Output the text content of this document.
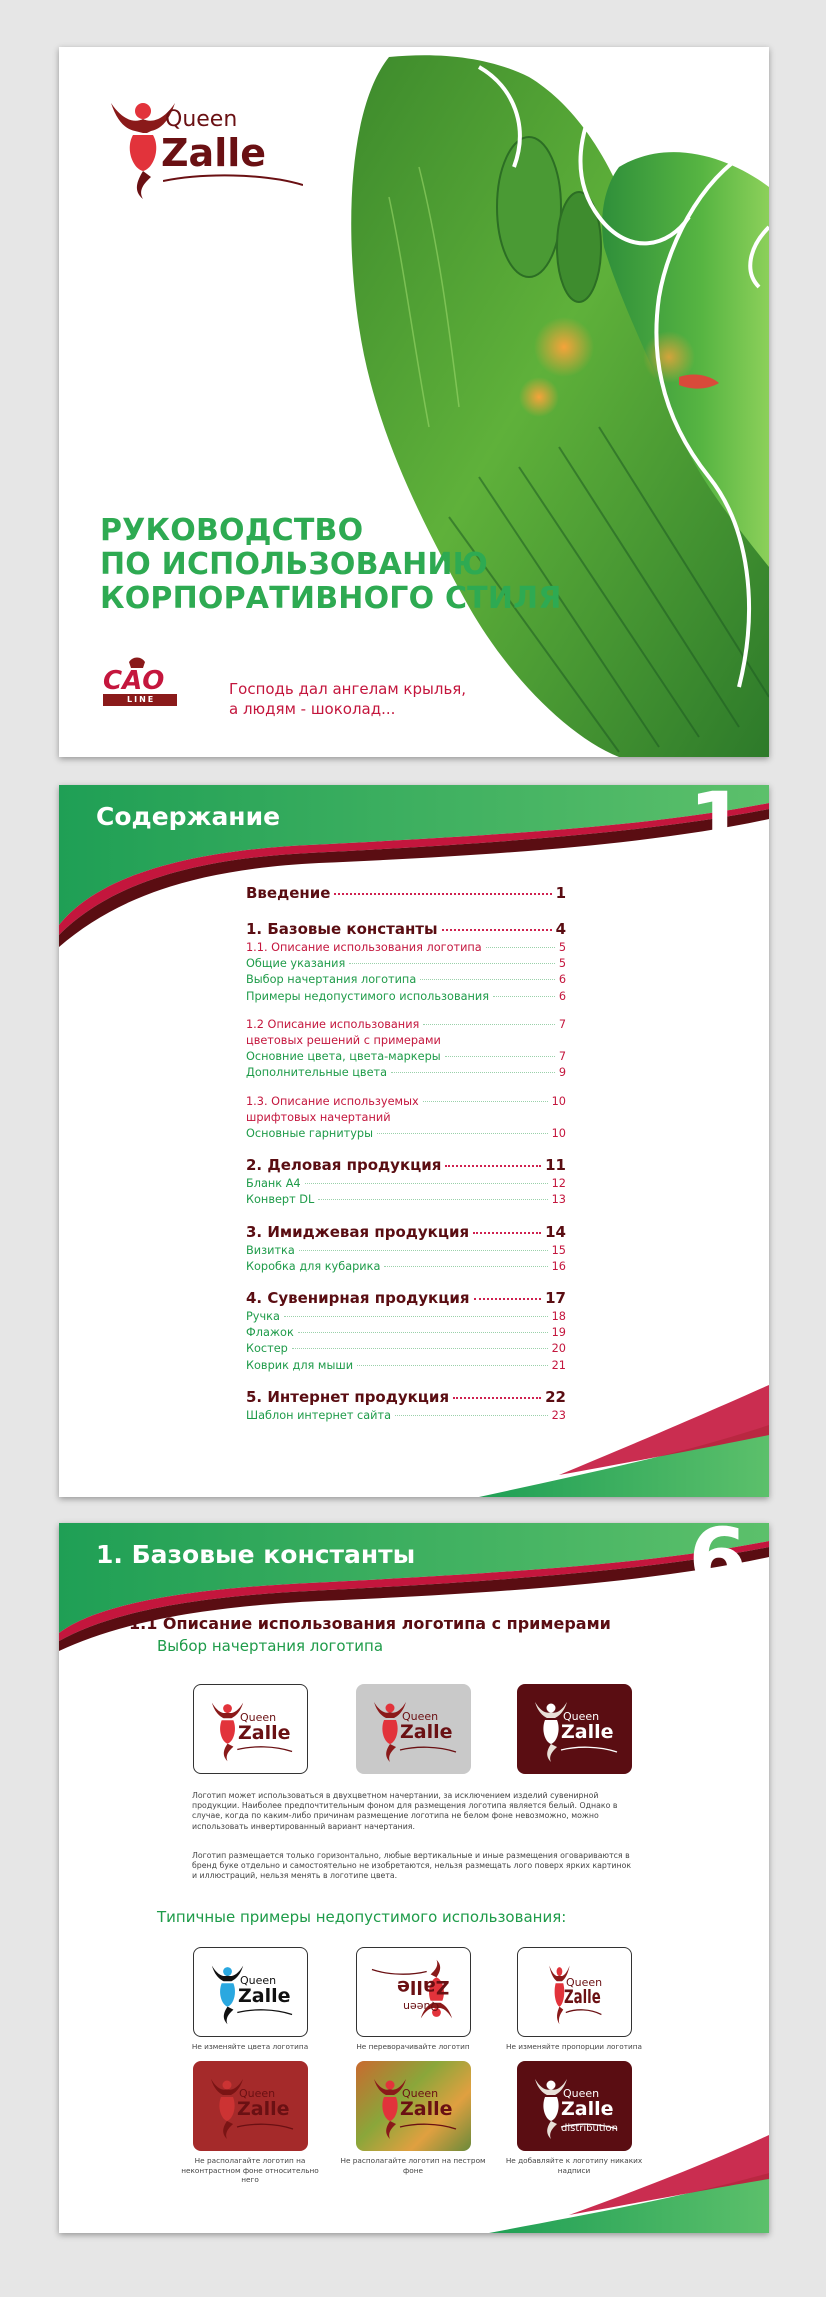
Queen
Zalle
РУКОВОДСТВО
ПО ИСПОЛЬЗОВАНИЮ
КОРПОРАТИВНОГО СТИЛЯ
САО
LINE
Господь дал ангелам крылья,
а людям - шоколад...
Содержание	1
Введение	1
1. Базовые константы	4
1.1. Описание использования логотипа	5
Общие указания	5
Выбор начертания логотипа	6
Примеры недопустимого использования	6
1.2 Описание использования	7
цветовых решений с примерами
Основние цвета, цвета-маркеры	7
Дополнительные цвета	9
1.3. Описание используемых	10
шрифтовых начертаний
Основные гарнитуры	10
2. Деловая продукция	11
Бланк А4	12
Конверт DL	13
3. Имиджевая продукция	14
Визитка	15
Коробка для кубарика	16
4. Сувенирная продукция	17
Ручка	18
Флажок	19
Костер	20
Коврик для мыши	21
5. Интернет продукция	22
Шаблон интернет сайта	23
1. Базовые константы	6
1.1 Описание использования логотипа с примерами
Выбор начертания логотипа
Queen
Zalle
Queen
Zalle
Queen
Zalle
Логотип может использоваться в двухцветном начертании, за исключением изделий сувенирной продукции. Наиболее предпочтительным фоном для размещения логотипа является белый. Однако в случае, когда по каким-либо причинам размещение логотипа не белом фоне невозможно, можно использовать инвертированный вариант начертания.
Логотип размещается только горизонтально, любые вертикальные и иные размещения оговариваются в бренд буке отдельно и самостоятельно не изобретаются, нельзя размещать лого поверх ярких картинок и иллюстраций, нельзя менять в логотипе цвета.
Типичные примеры недопустимого использования:
Queen
Zalle	Queen
Zalle	Queen
Zalle
Queen
Zalle
Queen
Zalle
Queen
Zalle
distribution
Не изменяйте цвета логотипа	Не переворачивайте логотип	Не изменяйте пропорции логотипа
Не располагайте логотип на неконтрастном фоне относительно него
Не располагайте логотип на пестром фоне
Не добавляйте к логотипу никаких надписи
